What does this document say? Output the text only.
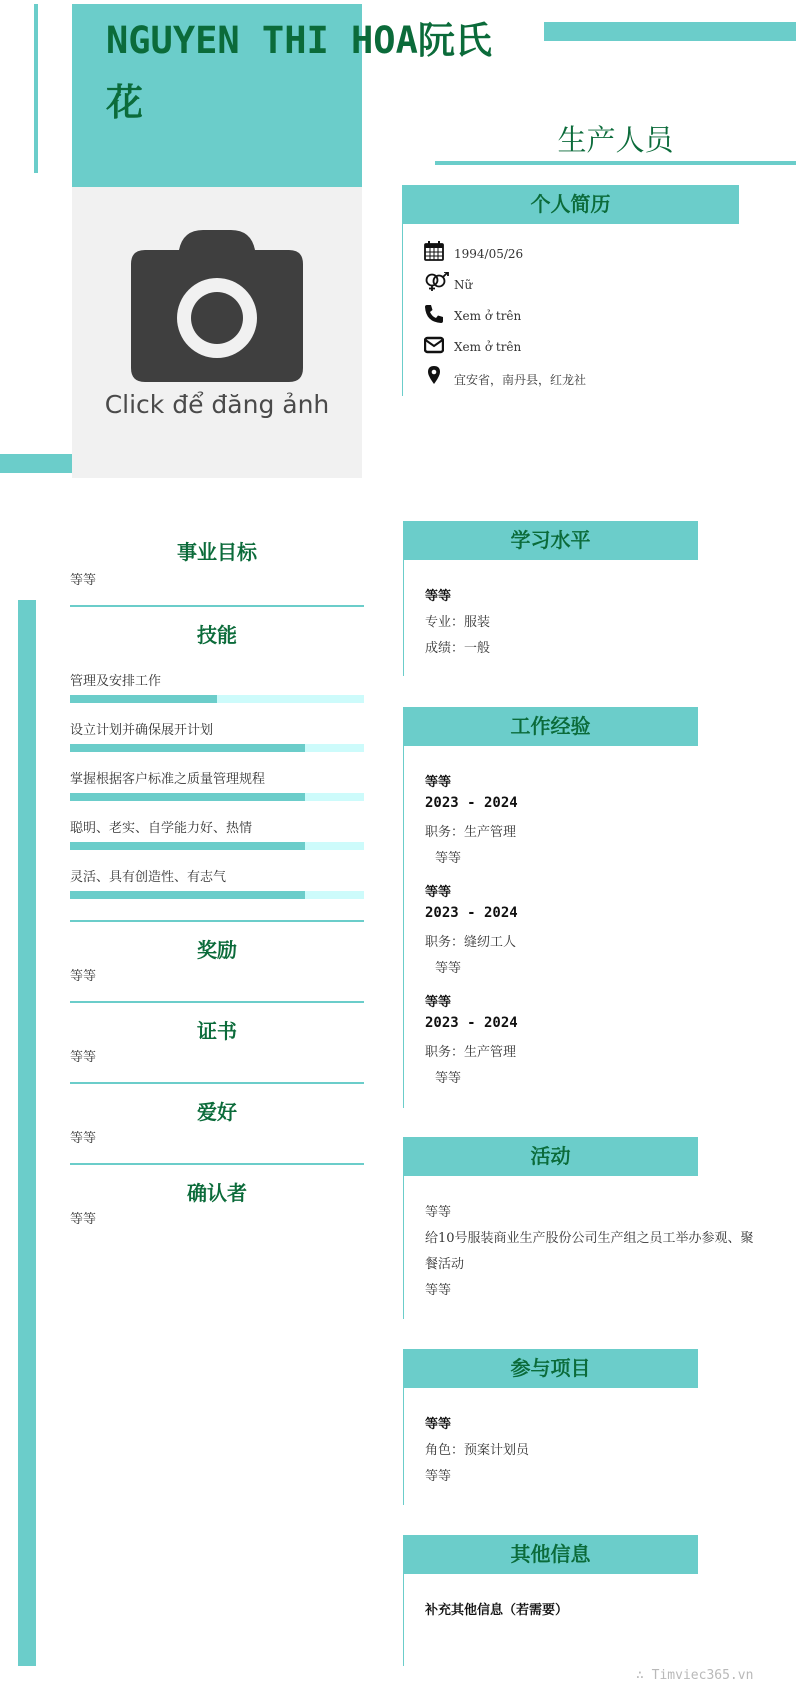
NGUYEN THI HOA阮氏花
Click để đăng ảnh
生产人员
个人简历
1994/05/26
Nữ
Xem ở trên
Xem ở trên
宜安省，南丹县，红龙社
事业目标
等等
技能
管理及安排工作
设立计划并确保展开计划
掌握根据客户标准之质量管理规程
聪明、老实、自学能力好、热情
灵活、具有创造性、有志气
奖励
等等
证书
等等
爱好
等等
确认者
等等
学习水平
等等
专业：服装
成绩：一般
工作经验
等等
2023 - 2024
职务：生产管理
等等
等等
2023 - 2024
职务：缝纫工人
等等
等等
2023 - 2024
职务：生产管理
等等
活动
等等
给10号服装商业生产股份公司生产组之员工举办参观、聚
餐活动
等等
参与项目
等等
角色：预案计划员
等等
其他信息
补充其他信息（若需要）
∴ Timviec365.vn
